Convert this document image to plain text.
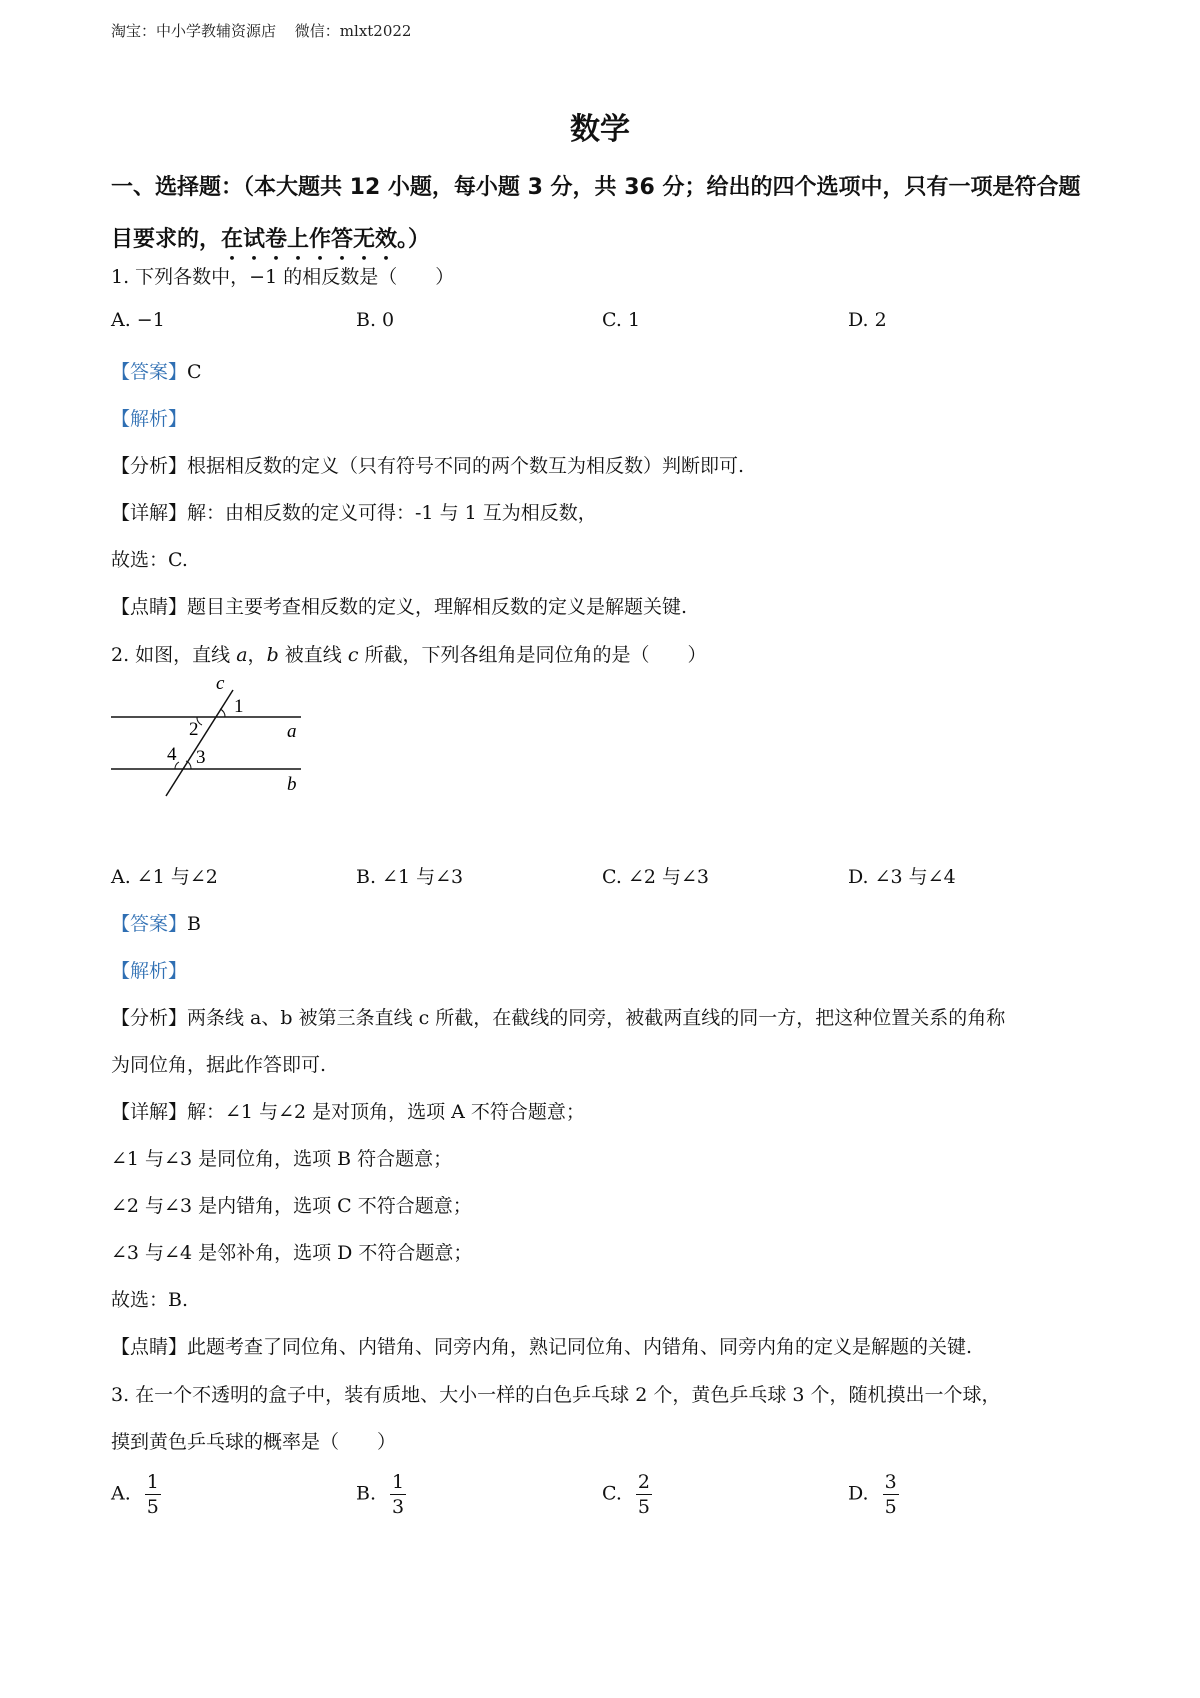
淘宝：中小学教辅资源店 微信：mlxt2022
数学
一、选择题：（本大题共 12 小题，每小题 3 分，共 36 分；给出的四个选项中，只有一项是符合题目要求的，在试卷上作答无效。）
1. 下列各数中，−1 的相反数是（　　）
A. −1	B. 0	C. 1	D. 2
【答案】C
【解析】
【分析】根据相反数的定义（只有符号不同的两个数互为相反数）判断即可.
【详解】解：由相反数的定义可得：-1 与 1 互为相反数，
故选：C.
【点睛】题目主要考查相反数的定义，理解相反数的定义是解题关键.
2. 如图，直线 a，b 被直线 c 所截，下列各组角是同位角的是（　　）
c
1
2
3
4
a
b
A. ∠1 与∠2	B. ∠1 与∠3	C. ∠2 与∠3	D. ∠3 与∠4
【答案】B
【解析】
【分析】两条线 a、b 被第三条直线 c 所截，在截线的同旁，被截两直线的同一方，把这种位置关系的角称
为同位角，据此作答即可.
【详解】解：∠1 与∠2 是对顶角，选项 A 不符合题意；
∠1 与∠3 是同位角，选项 B 符合题意；
∠2 与∠3 是内错角，选项 C 不符合题意；
∠3 与∠4 是邻补角，选项 D 不符合题意；
故选：B.
【点睛】此题考查了同位角、内错角、同旁内角，熟记同位角、内错角、同旁内角的定义是解题的关键.
3. 在一个不透明的盒子中，装有质地、大小一样的白色乒乓球 2 个，黄色乒乓球 3 个，随机摸出一个球，
摸到黄色乒乓球的概率是（　　）
A. $\frac{1}{5}$	B. $\frac{1}{3}$	C. $\frac{2}{5}$	D. $\frac{3}{5}$
